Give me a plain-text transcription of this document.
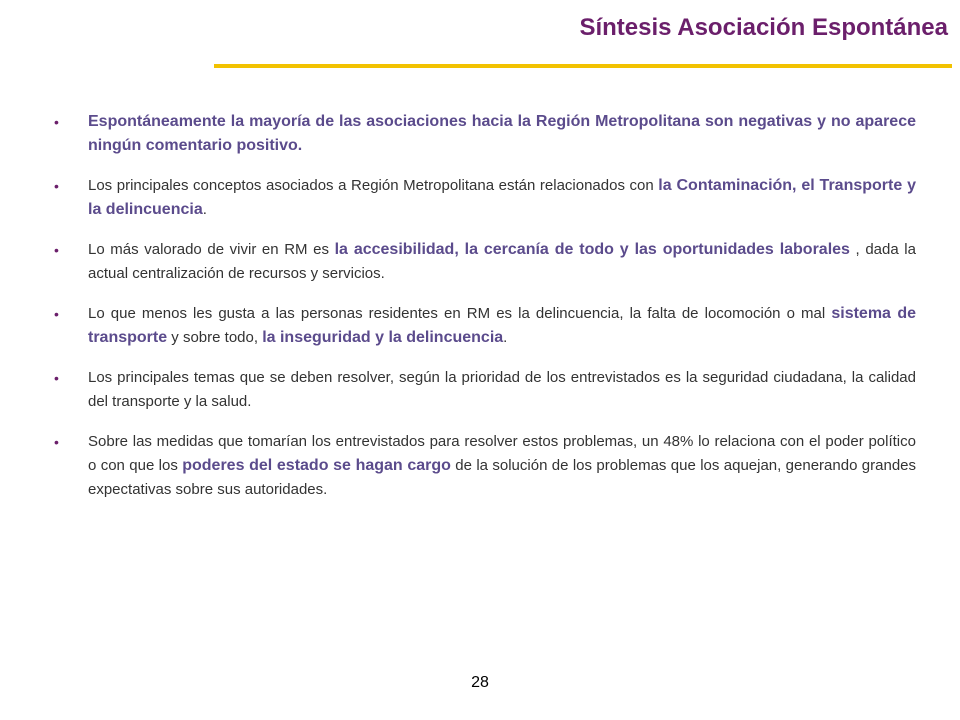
Síntesis Asociación Espontánea
• Espontáneamente la mayoría de las asociaciones hacia la Región Metropolitana son negativas y no aparece ningún comentario positivo.
• Los principales conceptos asociados a Región Metropolitana están relacionados con la Contaminación, el Transporte y la delincuencia.
• Lo más valorado de vivir en RM es la accesibilidad, la cercanía de todo y las oportunidades laborales , dada la actual centralización de recursos y servicios.
• Lo que menos les gusta a las personas residentes en RM es la delincuencia, la falta de locomoción o mal sistema de transporte y sobre todo, la inseguridad y la delincuencia.
• Los principales temas que se deben resolver, según la prioridad de los entrevistados es la seguridad ciudadana, la calidad del transporte y la salud.
• Sobre las medidas que tomarían los entrevistados para resolver estos problemas, un 48% lo relaciona con el poder político o con que los poderes del estado se hagan cargo de la solución de los problemas que los aquejan, generando grandes expectativas sobre sus autoridades.
28
